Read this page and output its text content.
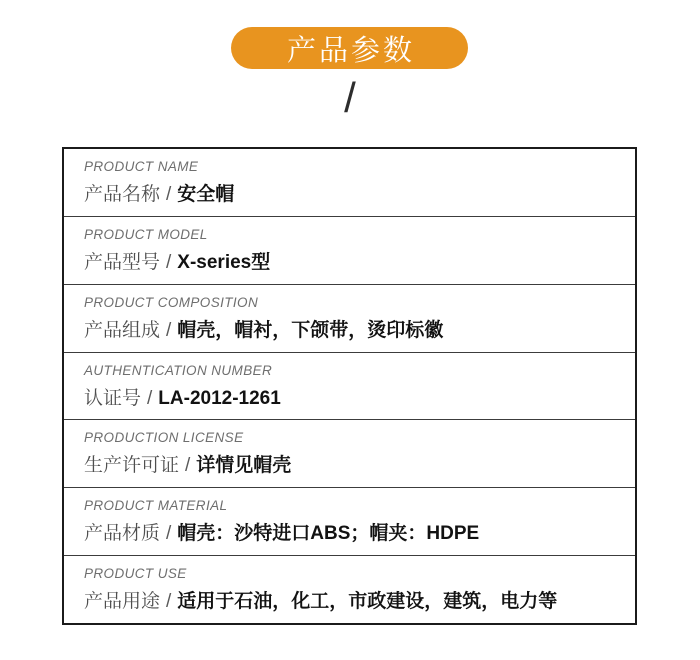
产品参数
/
PRODUCT NAME
产品名称 / 安全帽
PRODUCT MODEL
产品型号 / X-series型
PRODUCT COMPOSITION
产品组成 / 帽壳，帽衬，下颌带，烫印标徽
AUTHENTICATION NUMBER
认证号 / LA-2012-1261
PRODUCTION LICENSE
生产许可证 / 详情见帽壳
PRODUCT MATERIAL
产品材质 / 帽壳：沙特进口ABS；帽夹：HDPE
PRODUCT USE
产品用途 / 适用于石油，化工，市政建设，建筑，电力等
